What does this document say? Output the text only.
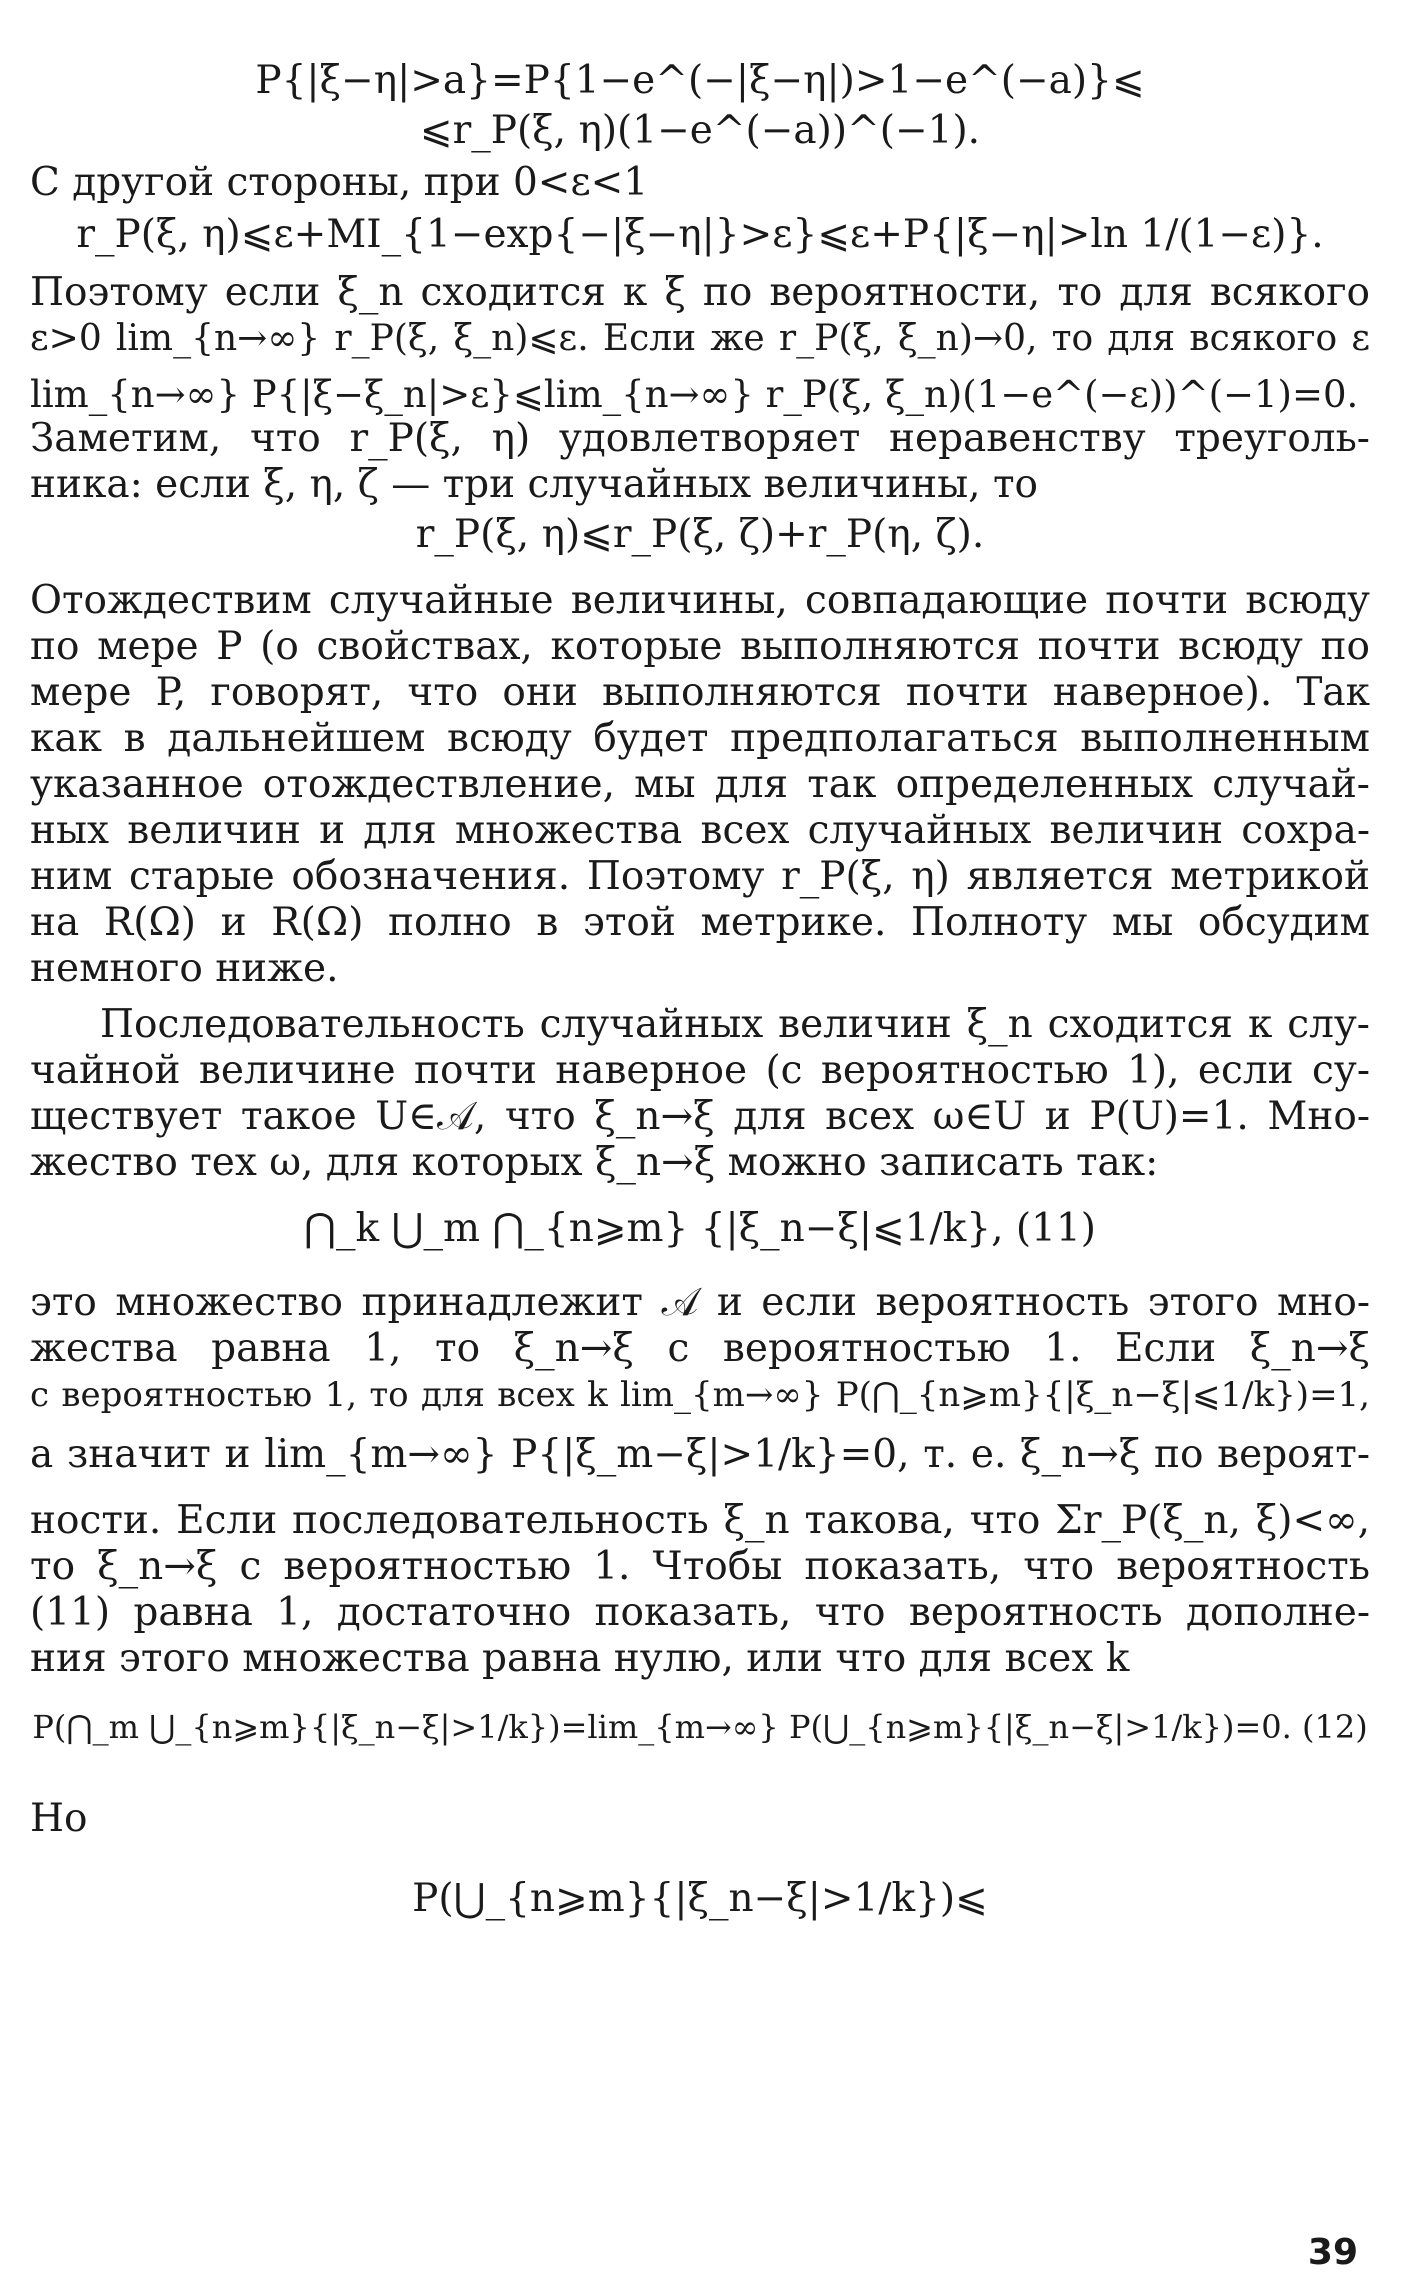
P{|ξ−η|>a}=P{1−e^(−|ξ−η|)>1−e^(−a)}⩽
⩽r_P(ξ, η)(1−e^(−a))^(−1).
С другой стороны, при 0<ε<1
r_P(ξ, η)⩽ε+MI_{1−exp{−|ξ−η|}>ε}⩽ε+P{|ξ−η|>ln 1/(1−ε)}.
Поэтому если ξ_n сходится к ξ по вероятности, то для всякого
ε>0 lim_{n→∞} r_P(ξ, ξ_n)⩽ε. Если же r_P(ξ, ξ_n)→0, то для всякого ε
lim_{n→∞} P{|ξ−ξ_n|>ε}⩽lim_{n→∞} r_P(ξ, ξ_n)(1−e^(−ε))^(−1)=0.
Заметим, что r_P(ξ, η) удовлетворяет неравенству треуголь-
ника: если ξ, η, ζ — три случайных величины, то
r_P(ξ, η)⩽r_P(ξ, ζ)+r_P(η, ζ).
Отождествим случайные величины, совпадающие почти всюду
по мере P (о свойствах, которые выполняются почти всюду по
мере P, говорят, что они выполняются почти наверное). Так
как в дальнейшем всюду будет предполагаться выполненным
указанное отождествление, мы для так определенных случай-
ных величин и для множества всех случайных величин сохра-
ним старые обозначения. Поэтому r_P(ξ, η) является метрикой
на R(Ω) и R(Ω) полно в этой метрике. Полноту мы обсудим
немного ниже.
Последовательность случайных величин ξ_n сходится к слу-
чайной величине почти наверное (с вероятностью 1), если су-
ществует такое U∈𝒜, что ξ_n→ξ для всех ω∈U и P(U)=1. Мно-
жество тех ω, для которых ξ_n→ξ можно записать так:
⋂_k ⋃_m ⋂_{n⩾m} {|ξ_n−ξ|⩽1/k}, (11)
это множество принадлежит 𝒜 и если вероятность этого мно-
жества равна 1, то ξ_n→ξ с вероятностью 1. Если ξ_n→ξ
с вероятностью 1, то для всех k lim_{m→∞} P(⋂_{n⩾m}{|ξ_n−ξ|⩽1/k})=1,
а значит и lim_{m→∞} P{|ξ_m−ξ|>1/k}=0, т. е. ξ_n→ξ по вероят-
ности. Если последовательность ξ_n такова, что Σr_P(ξ_n, ξ)<∞,
то ξ_n→ξ с вероятностью 1. Чтобы показать, что вероятность
(11) равна 1, достаточно показать, что вероятность дополне-
ния этого множества равна нулю, или что для всех k
P(⋂_m ⋃_{n⩾m}{|ξ_n−ξ|>1/k})=lim_{m→∞} P(⋃_{n⩾m}{|ξ_n−ξ|>1/k})=0. (12)
Но
P(⋃_{n⩾m}{|ξ_n−ξ|>1/k})⩽
39
